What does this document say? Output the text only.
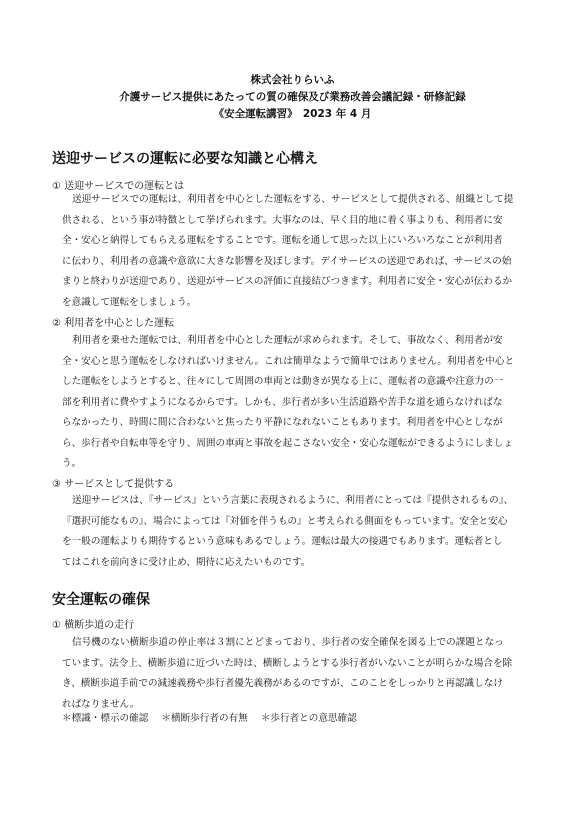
株式会社りらいふ
介護サービス提供にあたっての質の確保及び業務改善会議記録・研修記録
《安全運転講習》　2023 年 4 月
送迎サービスの運転に必要な知識と心構え
① 送迎サービスでの運転とは
送迎サービスでの運転は、利用者を中心とした運転をする、サービスとして提供される、組織として提
供される、という事が特徴として挙げられます。大事なのは、早く目的地に着く事よりも、利用者に安
全・安心と納得してもらえる運転をすることです。運転を通して思った以上にいろいろなことが利用者
に伝わり、利用者の意識や意欲に大きな影響を及ぼします。デイサービスの送迎であれば、サービスの始
まりと終わりが送迎であり、送迎がサービスの評価に直接結びつきます。利用者に安全・安心が伝わるか
を意識して運転をしましょう。
② 利用者を中心とした運転
利用者を乗せた運転では、利用者を中心とした運転が求められます。そして、事故なく、利用者が安
全・安心と思う運転をしなければいけません。これは簡単なようで簡単ではありません。利用者を中心と
した運転をしようとすると、往々にして周囲の車両とは動きが異なる上に、運転者の意識や注意力の一
部を利用者に費やすようになるからです。しかも、歩行者が多い生活道路や苦手な道を通らなければな
らなかったり、時間に間に合わないと焦ったり平静になれないこともあります。利用者を中心としなが
ら、歩行者や自転車等を守り、周囲の車両と事故を起こさない安全・安心な運転ができるようにしましょ
う。
③ サービスとして提供する
送迎サービスは、『サービス』という言葉に表現されるように、利用者にとっては『提供されるもの』、
『選択可能なもの』、場合によっては『対価を伴うもの』と考えられる側面をもっています。安全と安心
を一般の運転よりも期待するという意味もあるでしょう。運転は最大の接遇でもあります。運転者とし
てはこれを前向きに受け止め、期待に応えたいものです。
安全運転の確保
① 横断歩道の走行
信号機のない横断歩道の停止率は３割にとどまっており、歩行者の安全確保を図る上での課題となっ
ています。法令上、横断歩道に近づいた時は、横断しようとする歩行者がいないことが明らかな場合を除
き、横断歩道手前での減速義務や歩行者優先義務があるのですが、このことをしっかりと再認識しなけ
ればなりません。
＊標識・標示の確認 ＊横断歩行者の有無 ＊歩行者との意思確認
